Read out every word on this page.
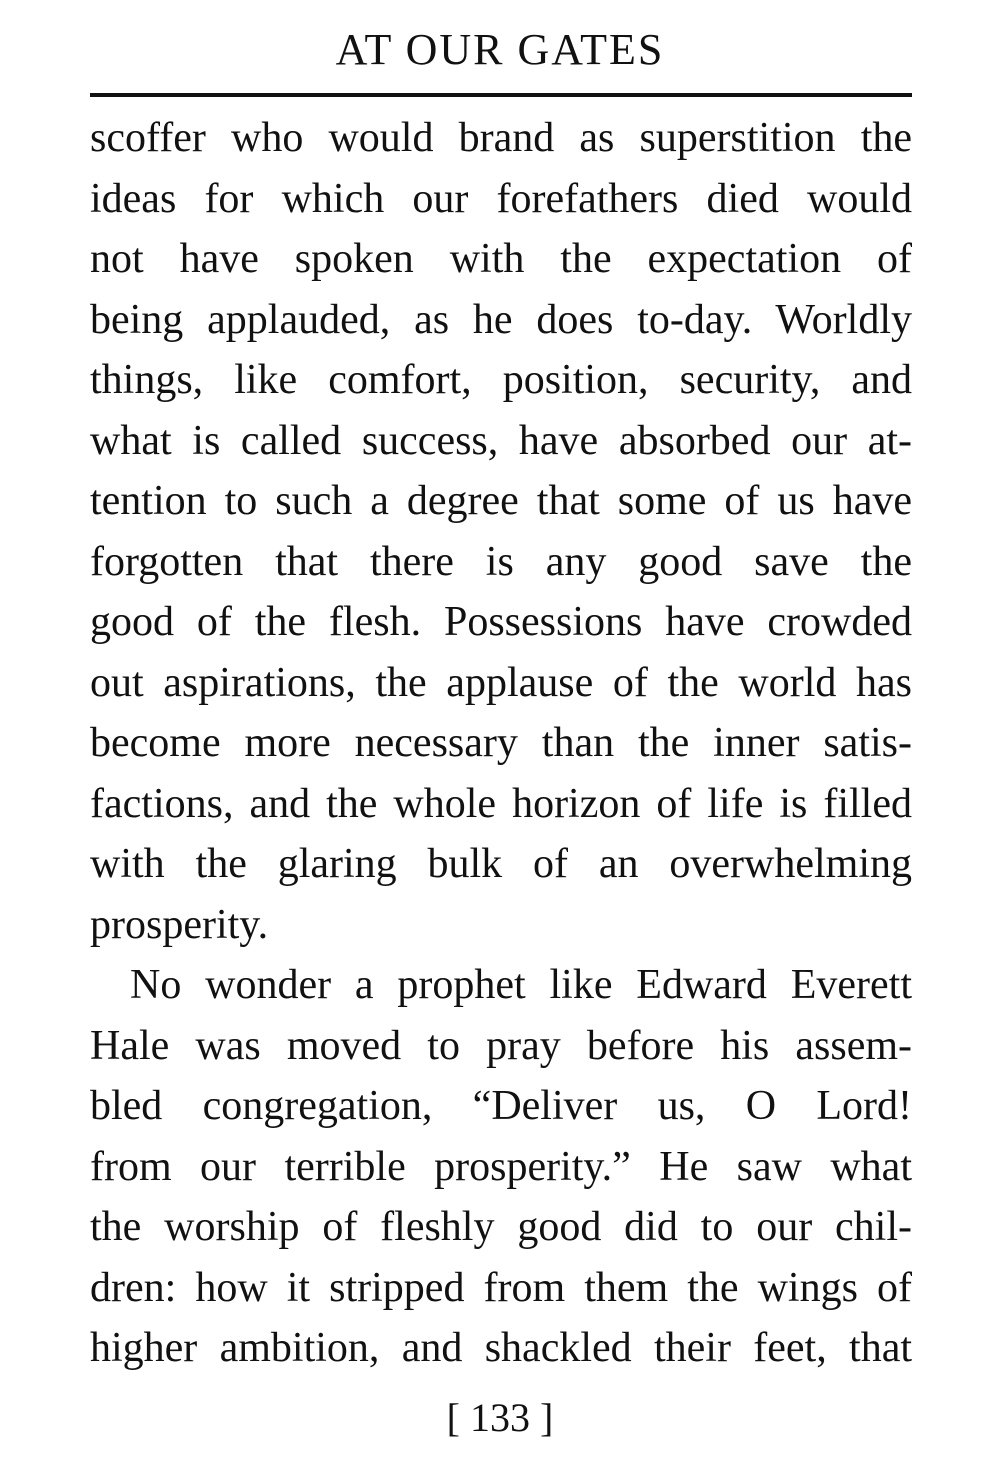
AT OUR GATES
scoffer who would brand as superstition the
ideas for which our forefathers died would
not have spoken with the expectation of
being applauded, as he does to-day. Worldly
things, like comfort, position, security, and
what is called success, have absorbed our at-
tention to such a degree that some of us have
forgotten that there is any good save the
good of the flesh. Possessions have crowded
out aspirations, the applause of the world has
become more necessary than the inner satis-
factions, and the whole horizon of life is filled
with the glaring bulk of an overwhelming
prosperity.
No wonder a prophet like Edward Everett
Hale was moved to pray before his assem-
bled congregation, “Deliver us, O Lord!
from our terrible prosperity.” He saw what
the worship of fleshly good did to our chil-
dren: how it stripped from them the wings of
higher ambition, and shackled their feet, that
[ 133 ]
